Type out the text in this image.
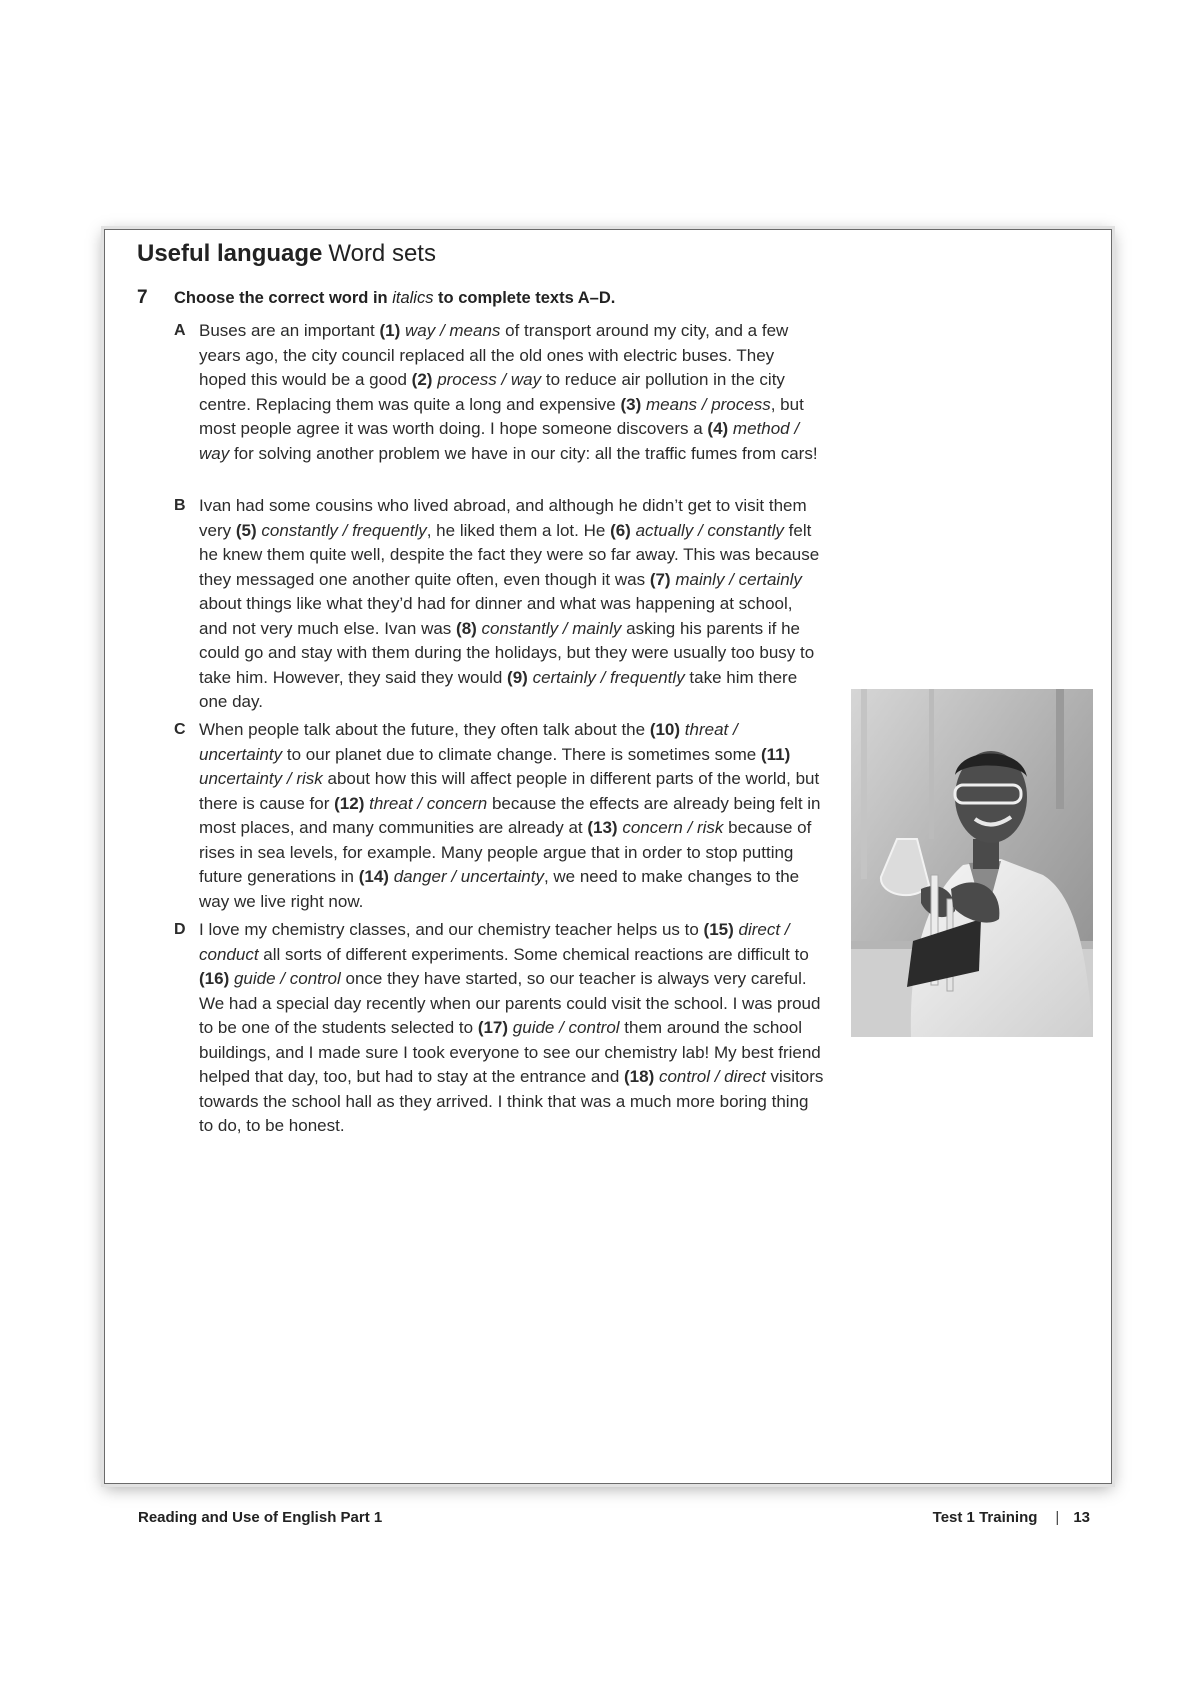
Useful language Word sets
7 Choose the correct word in italics to complete texts A–D.
A Buses are an important (1) way / means of transport around my city, and a few years ago, the city council replaced all the old ones with electric buses. They hoped this would be a good (2) process / way to reduce air pollution in the city centre. Replacing them was quite a long and expensive (3) means / process, but most people agree it was worth doing. I hope someone discovers a (4) method / way for solving another problem we have in our city: all the traffic fumes from cars!
B Ivan had some cousins who lived abroad, and although he didn’t get to visit them very (5) constantly / frequently, he liked them a lot. He (6) actually / constantly felt he knew them quite well, despite the fact they were so far away. This was because they messaged one another quite often, even though it was (7) mainly / certainly about things like what they’d had for dinner and what was happening at school, and not very much else. Ivan was (8) constantly / mainly asking his parents if he could go and stay with them during the holidays, but they were usually too busy to take him. However, they said they would (9) certainly / frequently take him there one day.
C When people talk about the future, they often talk about the (10) threat / uncertainty to our planet due to climate change. There is sometimes some (11) uncertainty / risk about how this will affect people in different parts of the world, but there is cause for (12) threat / concern because the effects are already being felt in most places, and many communities are already at (13) concern / risk because of rises in sea levels, for example. Many people argue that in order to stop putting future generations in (14) danger / uncertainty, we need to make changes to the way we live right now.
D I love my chemistry classes, and our chemistry teacher helps us to (15) direct / conduct all sorts of different experiments. Some chemical reactions are difficult to (16) guide / control once they have started, so our teacher is always very careful. We had a special day recently when our parents could visit the school. I was proud to be one of the students selected to (17) guide / control them around the school buildings, and I made sure I took everyone to see our chemistry lab! My best friend helped that day, too, but had to stay at the entrance and (18) control / direct visitors towards the school hall as they arrived. I think that was a much more boring thing to do, to be honest.
Reading and Use of English Part 1	Test 1 Training | 13
